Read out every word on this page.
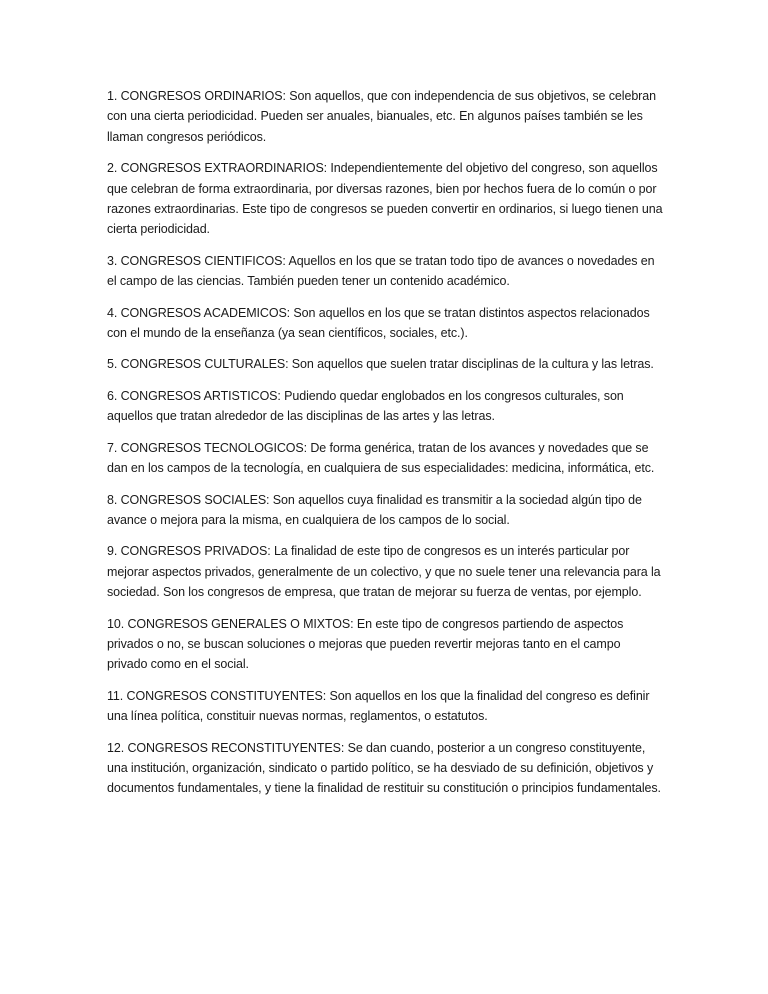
1. CONGRESOS ORDINARIOS: Son aquellos, que con independencia de sus objetivos, se celebran con una cierta periodicidad. Pueden ser anuales, bianuales, etc. En algunos países también se les llaman congresos periódicos.

2. CONGRESOS EXTRAORDINARIOS: Independientemente del objetivo del congreso, son aquellos que celebran de forma extraordinaria, por diversas razones, bien por hechos fuera de lo común o por razones extraordinarias. Este tipo de congresos se pueden convertir en ordinarios, si luego tienen una cierta periodicidad.

3. CONGRESOS CIENTIFICOS: Aquellos en los que se tratan todo tipo de avances o novedades en el campo de las ciencias. También pueden tener un contenido académico.

4. CONGRESOS ACADEMICOS: Son aquellos en los que se tratan distintos aspectos relacionados con el mundo de la enseñanza (ya sean científicos, sociales, etc.).

5. CONGRESOS CULTURALES: Son aquellos que suelen tratar disciplinas de la cultura y las letras.

6. CONGRESOS ARTISTICOS: Pudiendo quedar englobados en los congresos culturales, son aquellos que tratan alrededor de las disciplinas de las artes y las letras.

7. CONGRESOS TECNOLOGICOS: De forma genérica, tratan de los avances y novedades que se dan en los campos de la tecnología, en cualquiera de sus especialidades: medicina, informática, etc.

8. CONGRESOS SOCIALES: Son aquellos cuya finalidad es transmitir a la sociedad algún tipo de avance o mejora para la misma, en cualquiera de los campos de lo social.

9. CONGRESOS PRIVADOS: La finalidad de este tipo de congresos es un interés particular por mejorar aspectos privados, generalmente de un colectivo, y que no suele tener una relevancia para la sociedad. Son los congresos de empresa, que tratan de mejorar su fuerza de ventas, por ejemplo.

10. CONGRESOS GENERALES O MIXTOS: En este tipo de congresos partiendo de aspectos privados o no, se buscan soluciones o mejoras que pueden revertir mejoras tanto en el campo privado como en el social.

11. CONGRESOS CONSTITUYENTES: Son aquellos en los que la finalidad del congreso es definir una línea política, constituir nuevas normas, reglamentos, o estatutos.

12. CONGRESOS RECONSTITUYENTES: Se dan cuando, posterior a un congreso constituyente, una institución, organización, sindicato o partido político, se ha desviado de su definición, objetivos y documentos fundamentales, y tiene la finalidad de restituir su constitución o principios fundamentales.
